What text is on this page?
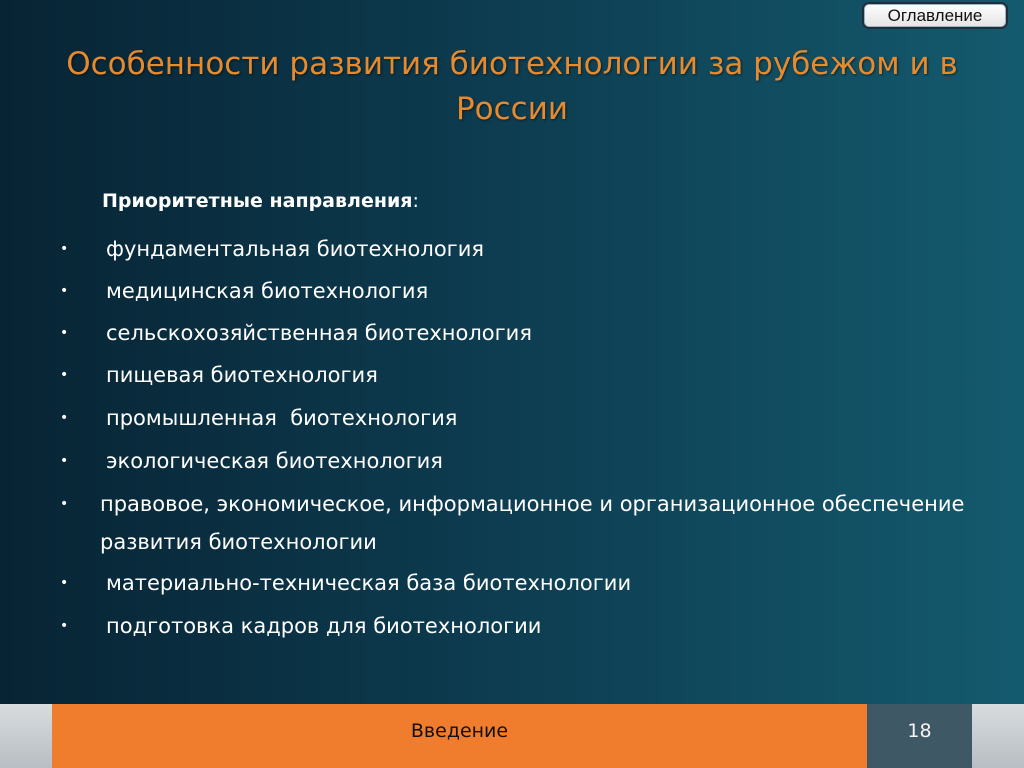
Оглавление
Особенности развития биотехнологии за рубежом и в России
Приоритетные направления:
• фундаментальная биотехнология
• медицинская биотехнология
• сельскохозяйственная биотехнология
• пищевая биотехнология
• промышленная  биотехнология
• экологическая биотехнология
• правовое, экономическое, информационное и организационное обеспечение развития биотехнологии
• материально-техническая база биотехнологии
• подготовка кадров для биотехнологии
Введение	18
